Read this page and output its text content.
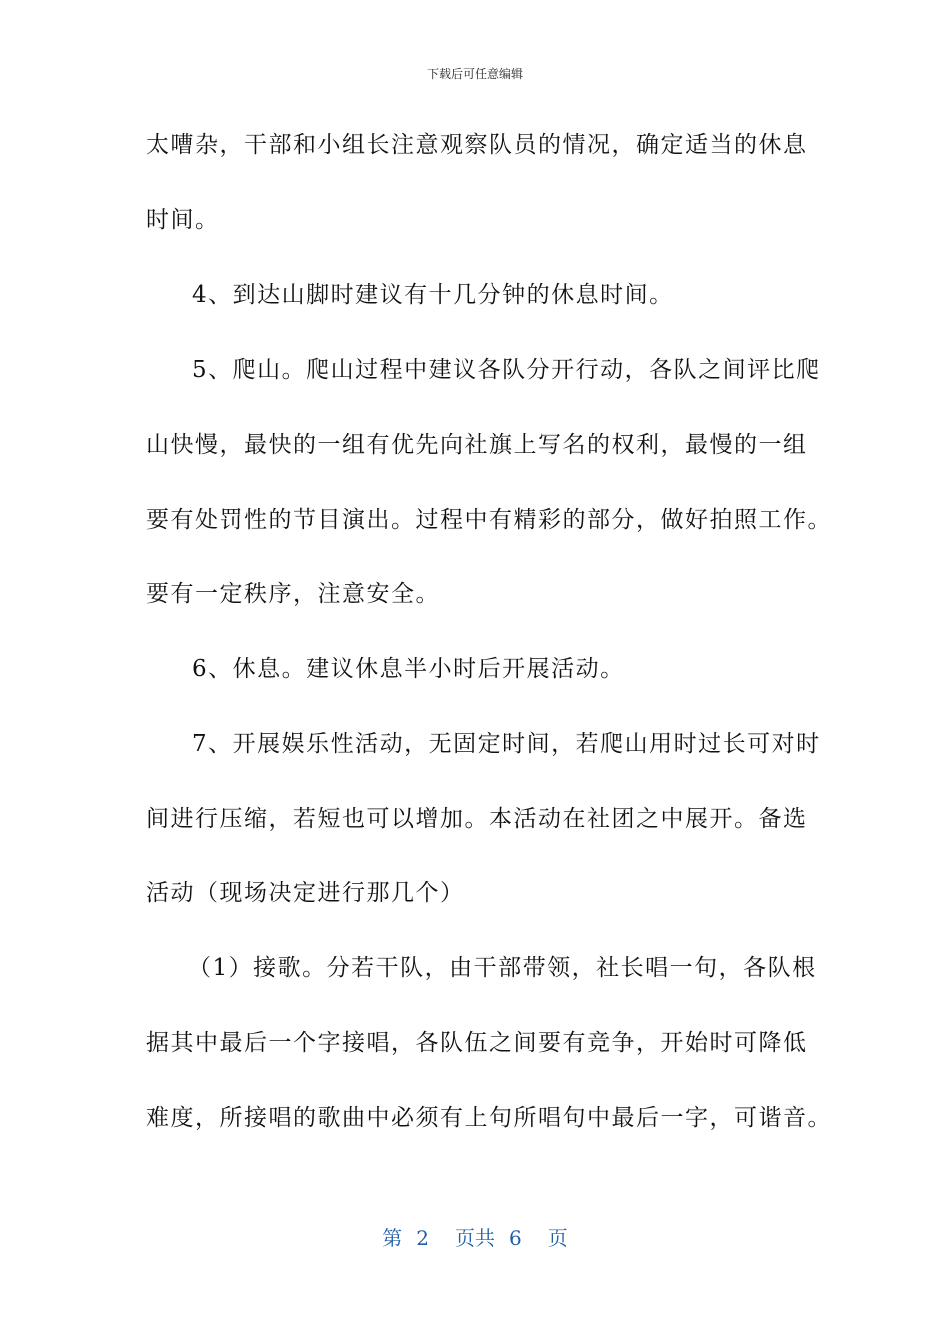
下载后可任意编辑
太嘈杂，干部和小组长注意观察队员的情况，确定适当的休息
时间。
4、到达山脚时建议有十几分钟的休息时间。
5、爬山。爬山过程中建议各队分开行动，各队之间评比爬
山快慢，最快的一组有优先向社旗上写名的权利，最慢的一组
要有处罚性的节目演出。过程中有精彩的部分，做好拍照工作。
要有一定秩序，注意安全。
6、休息。建议休息半小时后开展活动。
7、开展娱乐性活动，无固定时间，若爬山用时过长可对时
间进行压缩，若短也可以增加。本活动在社团之中展开。备选
活动（现场决定进行那几个）
（1）接歌。分若干队，由干部带领，社长唱一句，各队根
据其中最后一个字接唱，各队伍之间要有竞争，开始时可降低
难度，所接唱的歌曲中必须有上句所唱句中最后一字，可谐音。
第 2 页共 6 页
